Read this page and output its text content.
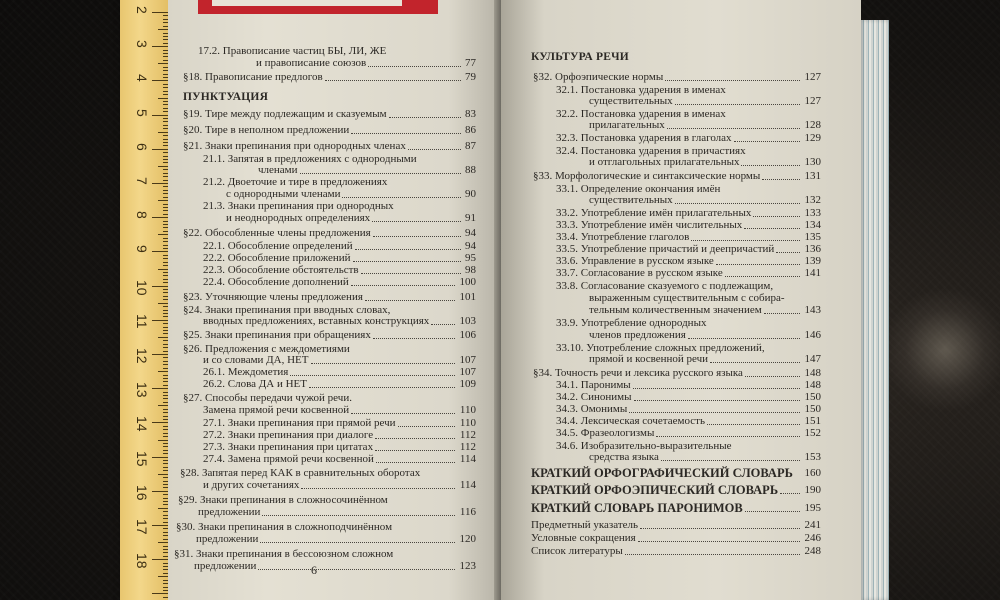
2
3
4
5
6
7
8
9
10
11
12
13
14
15
16
17
18
6
17.2. Правописание частиц БЫ, ЛИ, ЖЕ
и правописание союзов	77
§18. Правописание предлогов	79
ПУНКТУАЦИЯ
§19. Тире между подлежащим и сказуемым	83
§20. Тире в неполном предложении	86
§21. Знаки препинания при однородных членах	87
21.1. Запятая в предложениях с однородными
членами	88
21.2. Двоеточие и тире в предложениях
с однородными членами	90
21.3. Знаки препинания при однородных
и неоднородных определениях	91
§22. Обособленные члены предложения	94
22.1. Обособление определений	94
22.2. Обособление приложений	95
22.3. Обособление обстоятельств	98
22.4. Обособление дополнений	100
§23. Уточняющие члены предложения	101
§24. Знаки препинания при вводных словах,
вводных предложениях, вставных конструкциях	103
§25. Знаки препинания при обращениях	106
§26. Предложения с междометиями
и со словами ДА, НЕТ	107
26.1. Междометия	107
26.2. Слова ДА и НЕТ	109
§27. Способы передачи чужой речи.
Замена прямой речи косвенной	110
27.1. Знаки препинания при прямой речи	110
27.2. Знаки препинания при диалоге	112
27.3. Знаки препинания при цитатах	112
27.4. Замена прямой речи косвенной	114
§28. Запятая перед КАК в сравнительных оборотах
и других сочетаниях	114
§29. Знаки препинания в сложносочинённом
предложении	116
§30. Знаки препинания в сложноподчинённом
предложении	120
§31. Знаки препинания в бессоюзном сложном
предложении	123
КУЛЬТУРА РЕЧИ
§32. Орфоэпические нормы	127
32.1. Постановка ударения в именах
существительных	127
32.2. Постановка ударения в именах
прилагательных	128
32.3. Постановка ударения в глаголах	129
32.4. Постановка ударения в причастиях
и отглагольных прилагательных	130
§33. Морфологические и синтаксические нормы	131
33.1. Определение окончания имён
существительных	132
33.2. Употребление имён прилагательных	133
33.3. Употребление имён числительных	134
33.4. Употребление глаголов	135
33.5. Употребление причастий и деепричастий	136
33.6. Управление в русском языке	139
33.7. Согласование в русском языке	141
33.8. Согласование сказуемого с подлежащим,
выраженным существительным с собира-
тельным количественным значением	143
33.9. Употребление однородных
членов предложения	146
33.10. Употребление сложных предложений,
прямой и косвенной речи	147
§34. Точность речи и лексика русского языка	148
34.1. Паронимы	148
34.2. Синонимы	150
34.3. Омонимы	150
34.4. Лексическая сочетаемость	151
34.5. Фразеологизмы	152
34.6. Изобразительно-выразительные
средства языка	153
КРАТКИЙ ОРФОГРАФИЧЕСКИЙ СЛОВАРЬ	160
КРАТКИЙ ОРФОЭПИЧЕСКИЙ СЛОВАРЬ	190
КРАТКИЙ СЛОВАРЬ ПАРОНИМОВ	195
Предметный указатель	241
Условные сокращения	246
Список литературы	248
